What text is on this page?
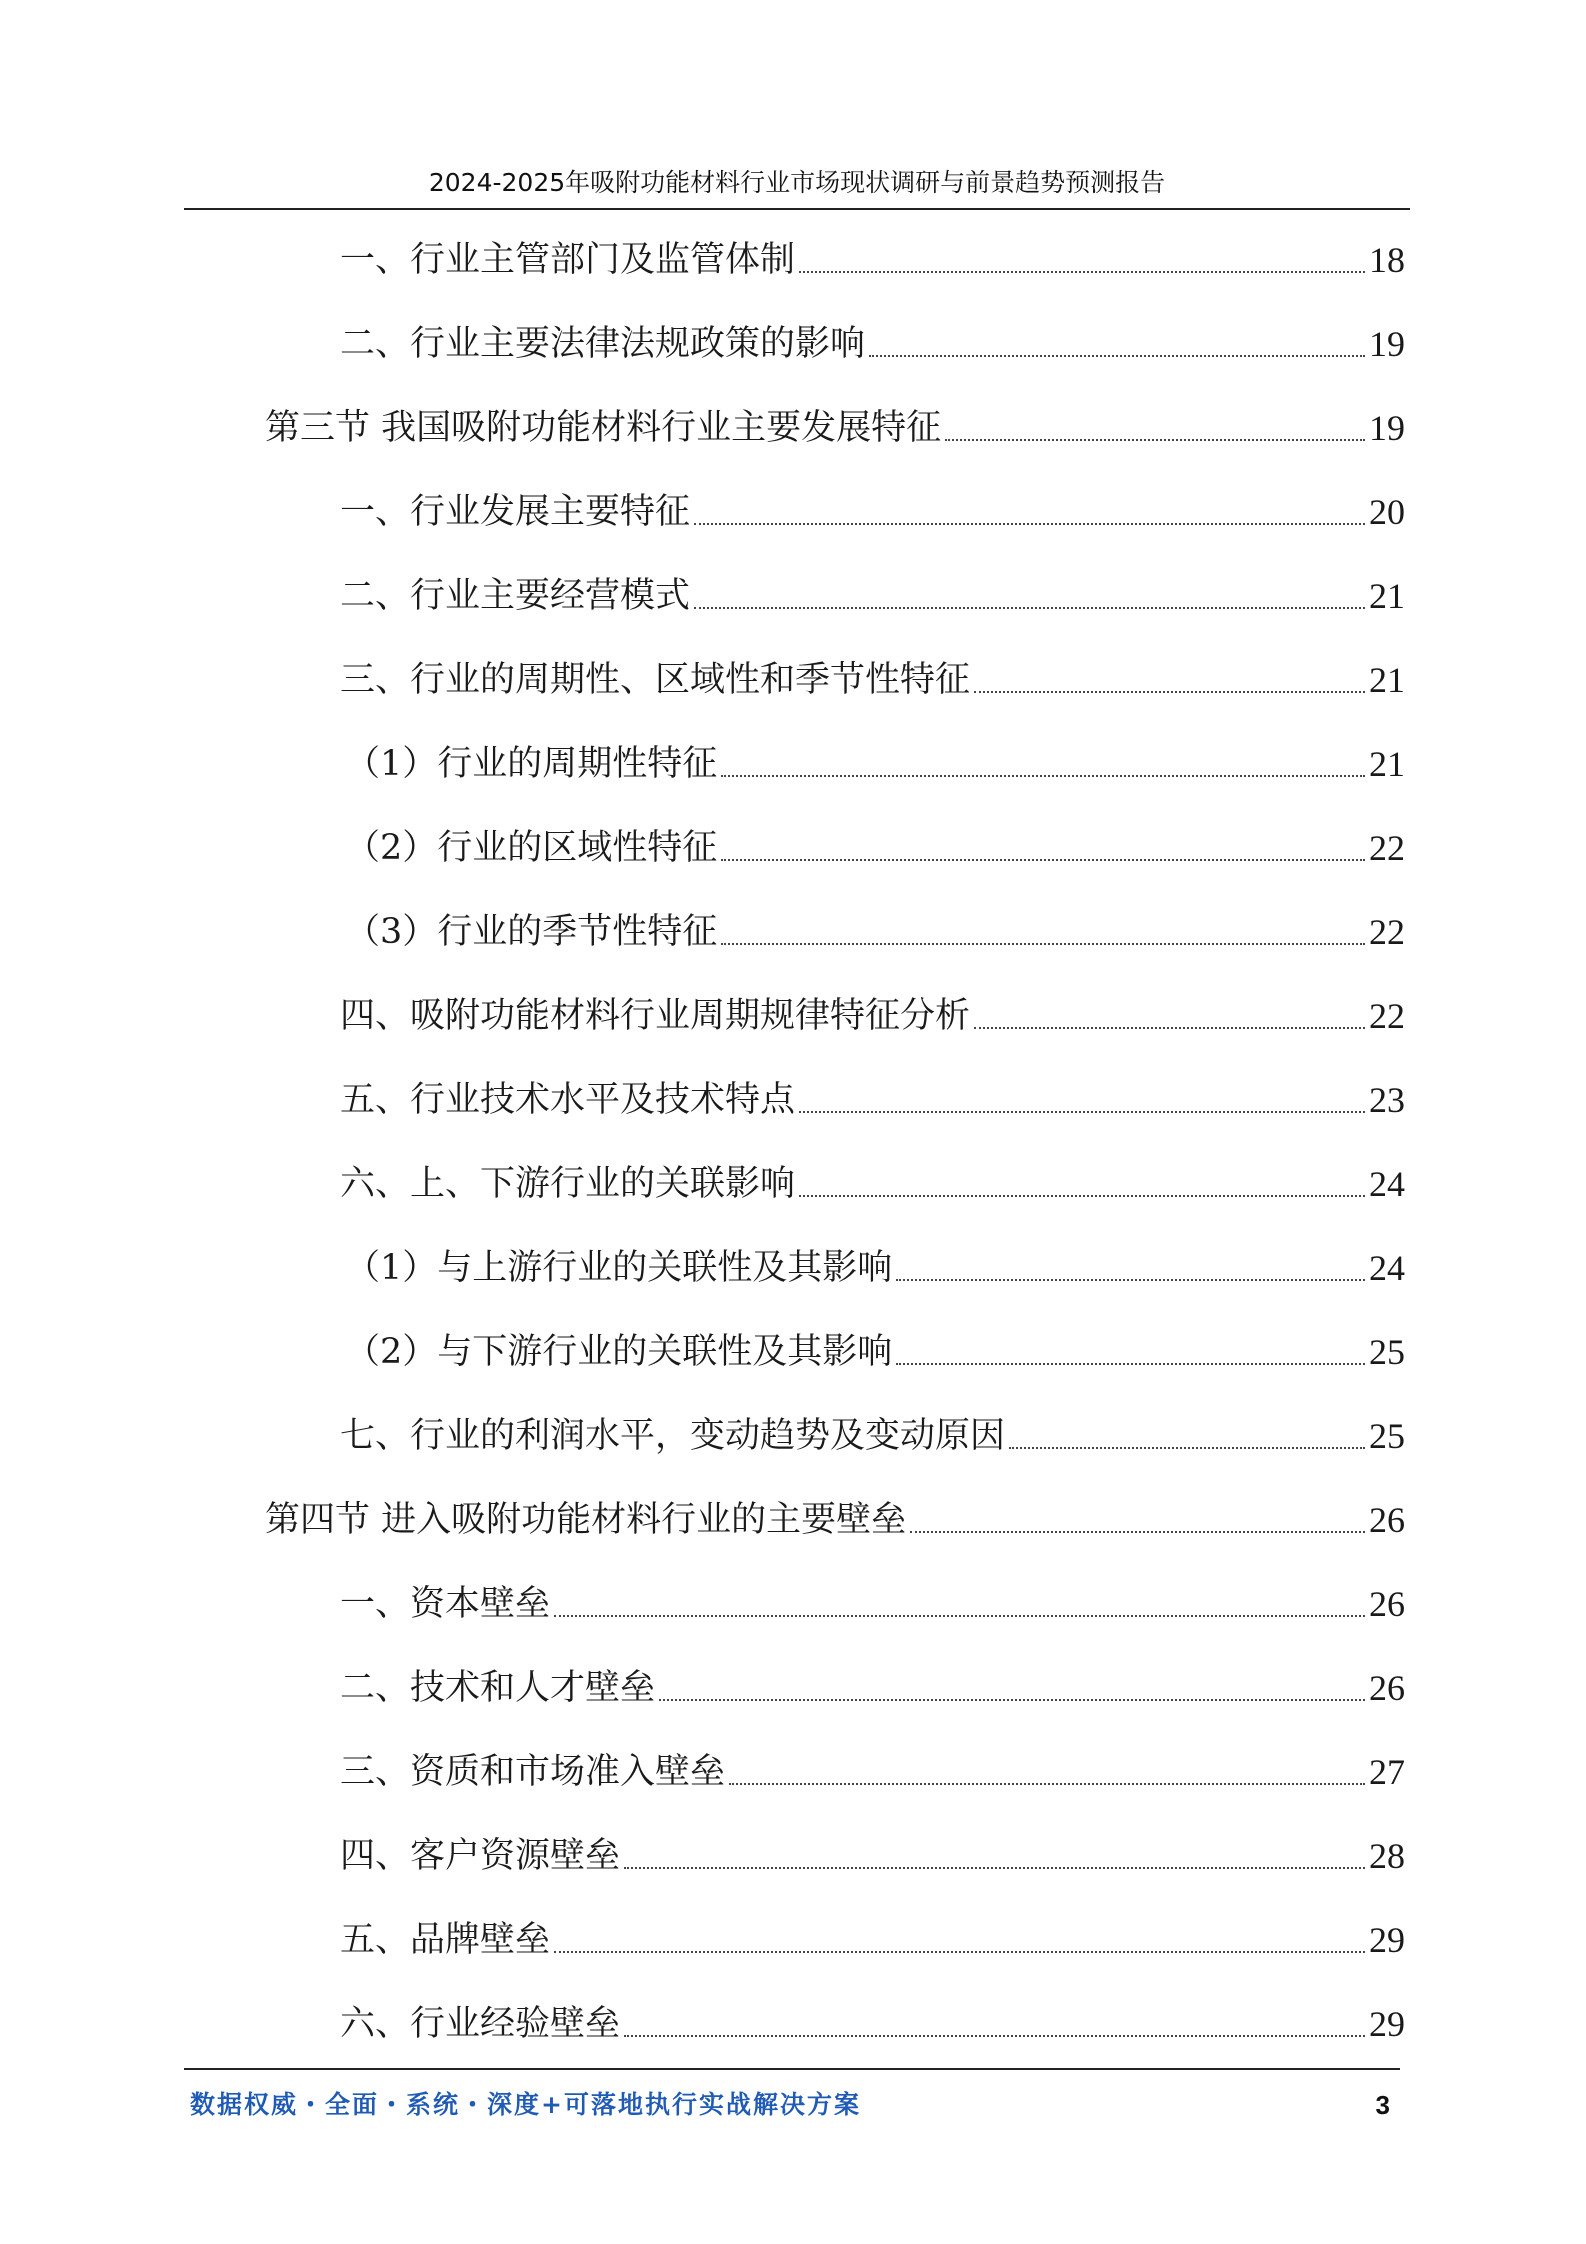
2024-2025年吸附功能材料行业市场现状调研与前景趋势预测报告
一、行业主管部门及监管体制	18
二、行业主要法律法规政策的影响	19
第三节 我国吸附功能材料行业主要发展特征	19
一、行业发展主要特征	20
二、行业主要经营模式	21
三、行业的周期性、区域性和季节性特征	21
（1）行业的周期性特征	21
（2）行业的区域性特征	22
（3）行业的季节性特征	22
四、吸附功能材料行业周期规律特征分析	22
五、行业技术水平及技术特点	23
六、上、下游行业的关联影响	24
（1）与上游行业的关联性及其影响	24
（2）与下游行业的关联性及其影响	25
七、行业的利润水平，变动趋势及变动原因	25
第四节 进入吸附功能材料行业的主要壁垒	26
一、资本壁垒	26
二、技术和人才壁垒	26
三、资质和市场准入壁垒	27
四、客户资源壁垒	28
五、品牌壁垒	29
六、行业经验壁垒	29
数据权威・全面・系统・深度+可落地执行实战解决方案	3
